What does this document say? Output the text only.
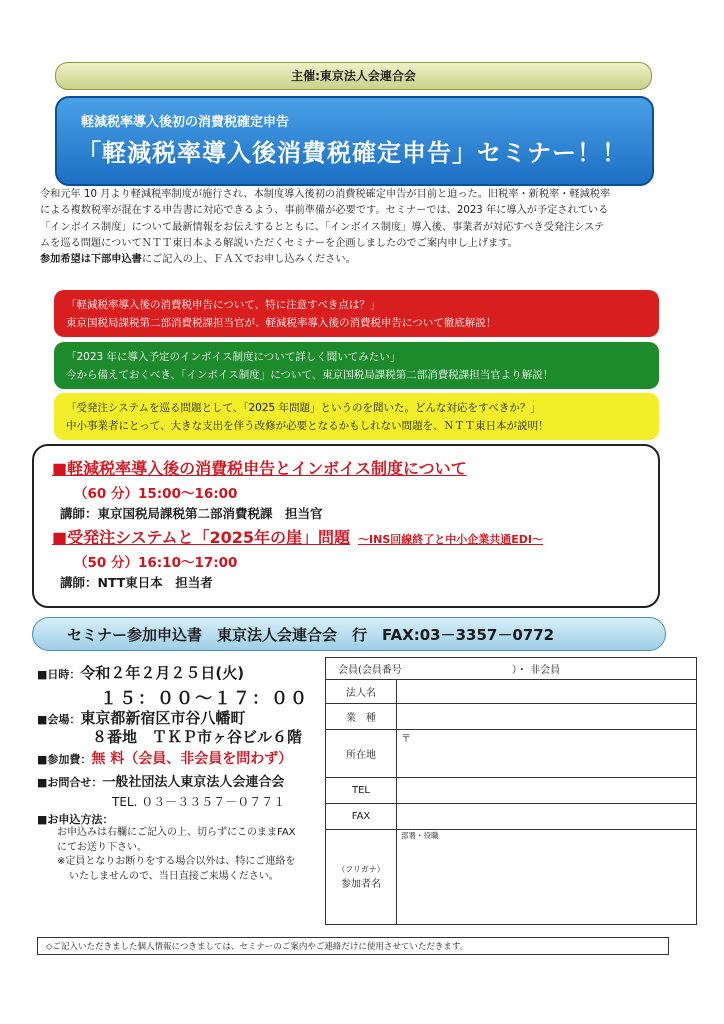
主催:東京法人会連合会
軽減税率導入後初の消費税確定申告
「軽減税率導入後消費税確定申告」セミナー！！
令和元年 10 月より軽減税率制度が施行され、本制度導入後初の消費税確定申告が目前と迫った。旧税率・新税率・軽減税率
による複数税率が混在する申告書に対応できるよう、事前準備が必要です。セミナーでは、2023 年に導入が予定されている
「インボイス制度」について最新情報をお伝えするとともに、「インボイス制度」導入後、事業者が対応すべき受発注システ
ムを巡る問題についてＮＴＴ東日本よる解説いただくセミナーを企画しましたのでご案内申し上げます。
参加希望は下部申込書にご記入の上、ＦＡＸでお申し込みください。
「軽減税率導入後の消費税申告について、特に注意すべき点は？」
東京国税局課税第二部消費税課担当官が、軽減税率導入後の消費税申告について徹底解説！
「2023 年に導入予定のインボイス制度について詳しく聞いてみたい」
今から備えておくべき、「インボイス制度」について、東京国税局課税第二部消費税課担当官より解説！
「受発注システムを巡る問題として、「2025 年問題」というのを聞いた。どんな対応をすべきか？」
中小事業者にとって、大きな支出を伴う改修が必要となるかもしれない問題を、ＮＴＴ東日本が説明！
■軽減税率導入後の消費税申告とインボイス制度について
（60 分）15:00～16:00
講師：東京国税局課税第二部消費税課　担当官
■受発注システムと「2025年の崖」問題 ～INS回線終了と中小企業共通EDI～
（50 分）16:10～17:00
講師：NTT東日本　担当者
セミナー参加申込書　東京法人会連合会　行　FAX:03－3357－0772
■日時：令和２年２月２５日(火)
１５：００～１７：００
■会場：東京都新宿区市谷八幡町
８番地　ＴＫＰ市ヶ谷ビル６階
■参加費：無 料（会員、非会員を問わず）
■お問合せ：一般社団法人東京法人会連合会
TEL. ０３－３３５７－０７７１
■お申込方法：
お申込みは右欄にご記入の上、切らずにこのままFAX
にてお送り下さい。
※定員となりお断りをする場合以外は、特にご連絡を
いたしませんので、当日直接ご来場ください。
会員(会員番号　　　　　　　　　　　）・ 非会員	
法人名	
業　種	
所在地	〒
TEL	
FAX	

（フリガナ）
参加者名	部署・役職
◇ご記入いただきました個人情報につきましては、セミナーのご案内やご連絡だけに使用させていただきます。
